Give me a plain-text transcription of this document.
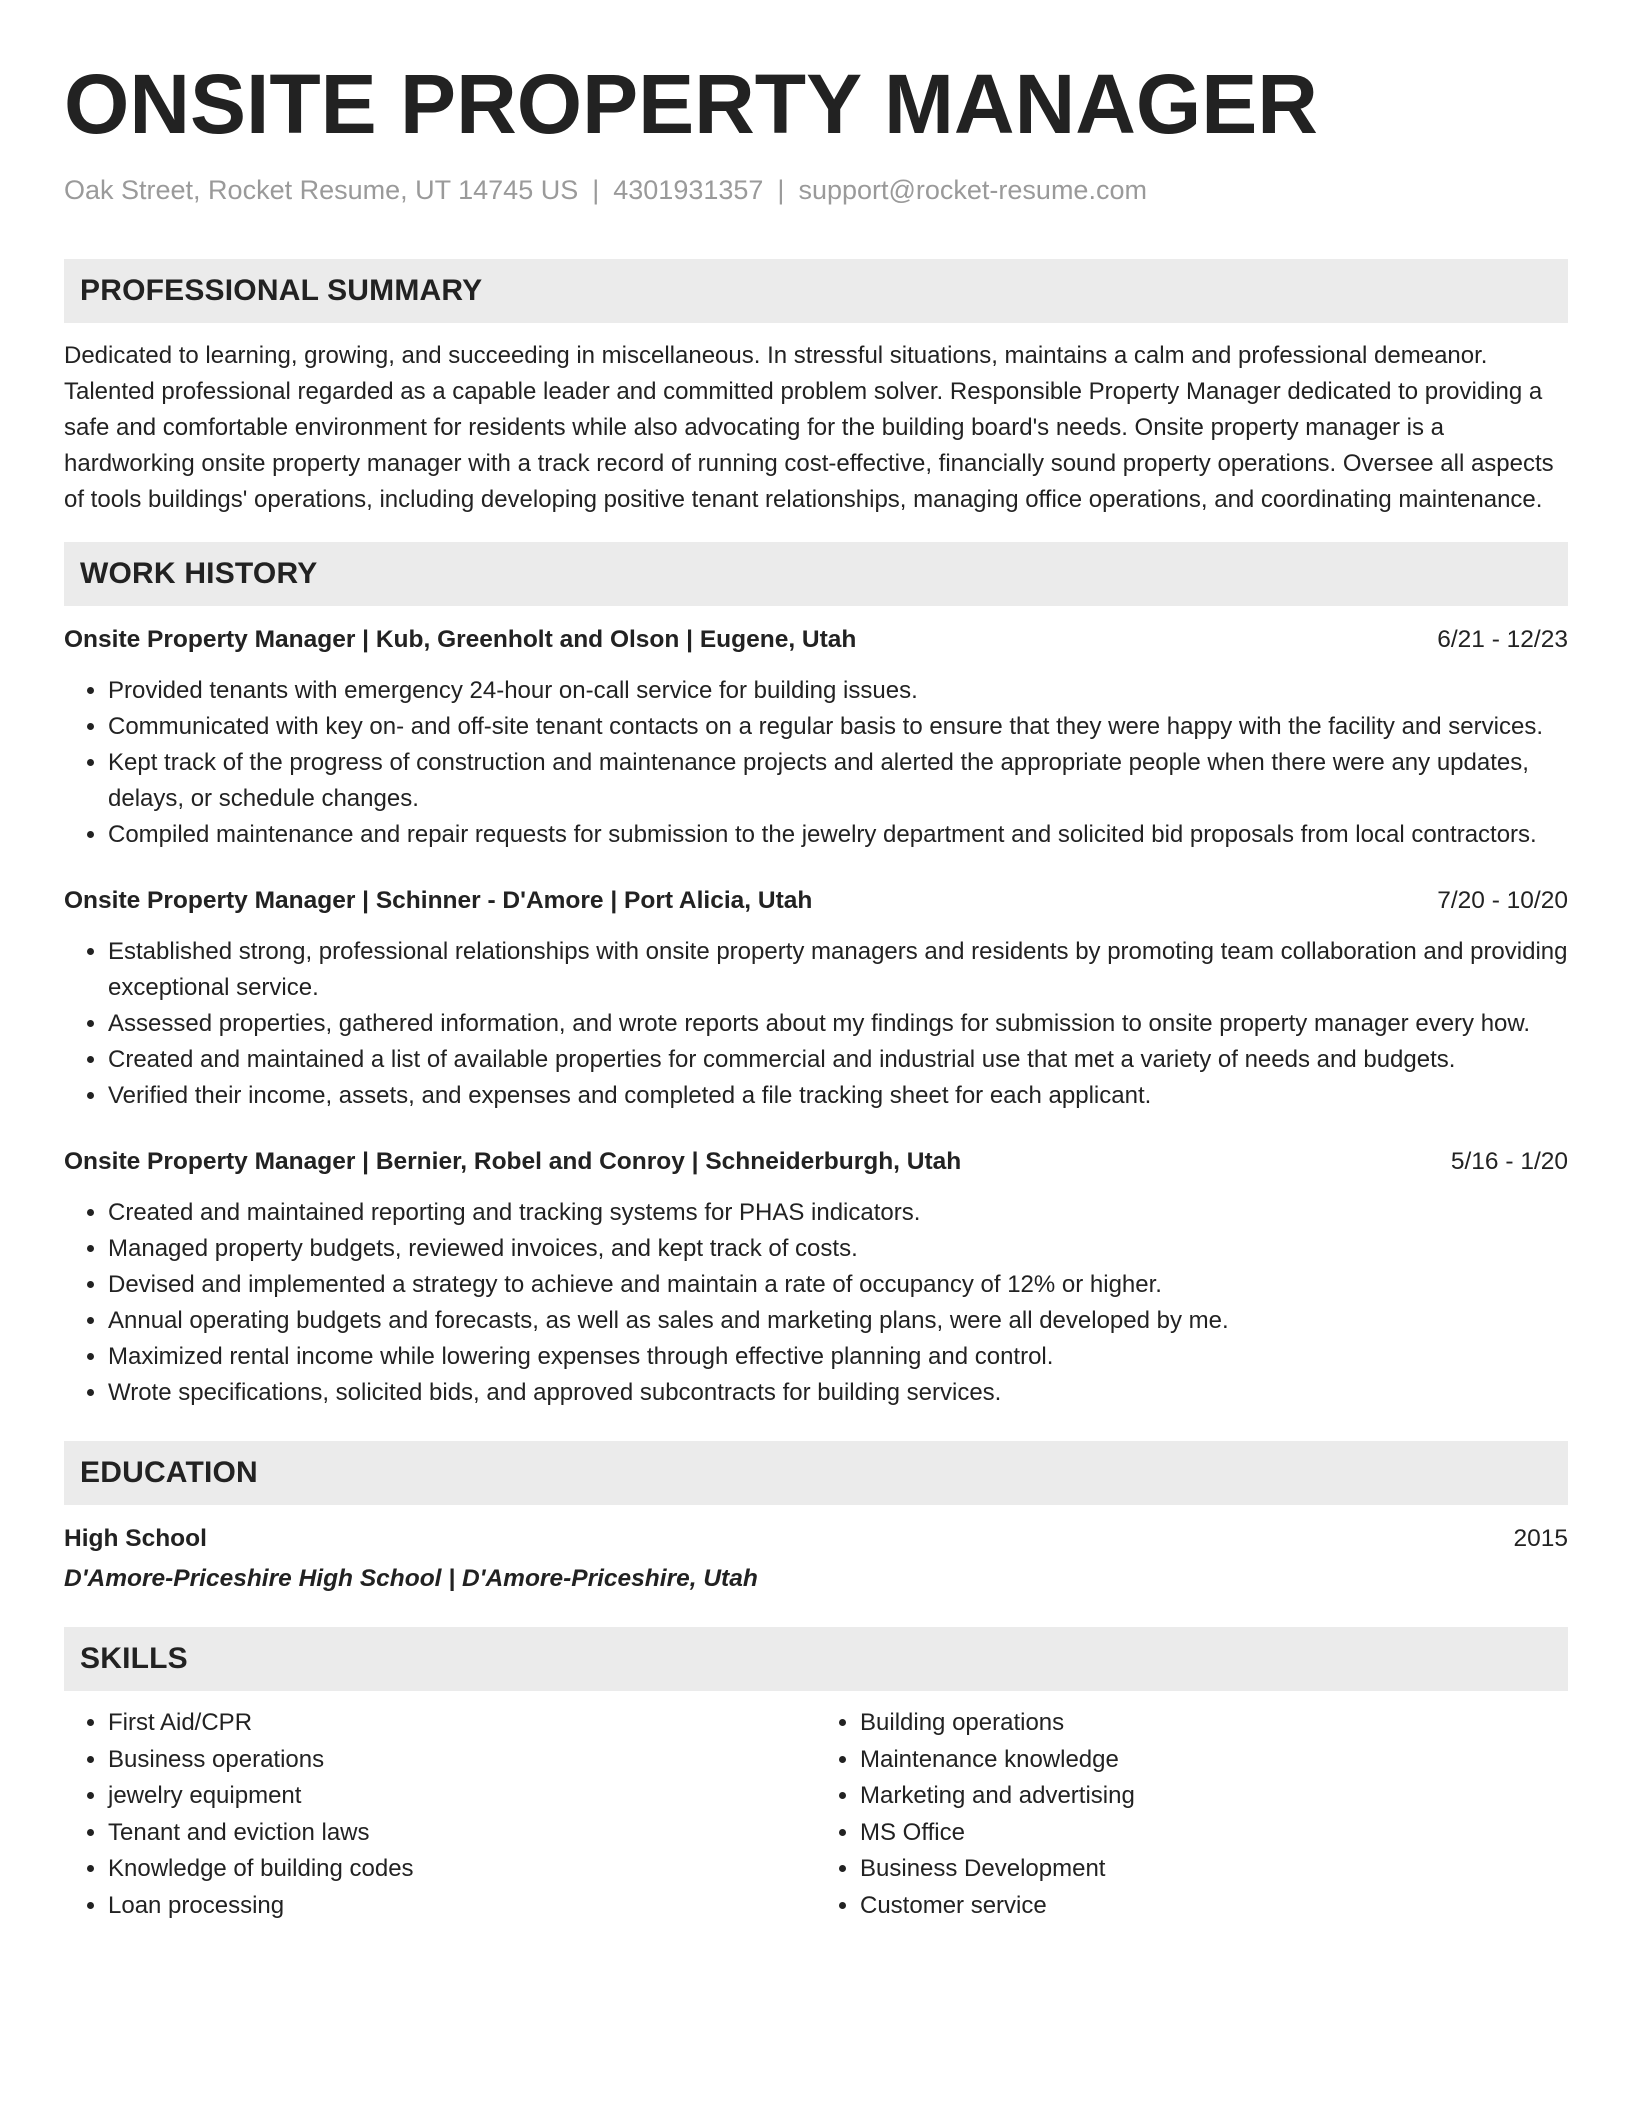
ONSITE PROPERTY MANAGER
Oak Street, Rocket Resume, UT 14745 US | 4301931357 | support@rocket-resume.com
PROFESSIONAL SUMMARY
Dedicated to learning, growing, and succeeding in miscellaneous. In stressful situations, maintains a calm and professional demeanor. Talented professional regarded as a capable leader and committed problem solver. Responsible Property Manager dedicated to providing a safe and comfortable environment for residents while also advocating for the building board's needs. Onsite property manager is a hardworking onsite property manager with a track record of running cost-effective, financially sound property operations. Oversee all aspects of tools buildings' operations, including developing positive tenant relationships, managing office operations, and coordinating maintenance.
WORK HISTORY
Onsite Property Manager | Kub, Greenholt and Olson | Eugene, Utah	6/21 - 12/23
• Provided tenants with emergency 24-hour on-call service for building issues.
• Communicated with key on- and off-site tenant contacts on a regular basis to ensure that they were happy with the facility and services.
• Kept track of the progress of construction and maintenance projects and alerted the appropriate people when there were any updates, delays, or schedule changes.
• Compiled maintenance and repair requests for submission to the jewelry department and solicited bid proposals from local contractors.
Onsite Property Manager | Schinner - D'Amore | Port Alicia, Utah	7/20 - 10/20
• Established strong, professional relationships with onsite property managers and residents by promoting team collaboration and providing exceptional service.
• Assessed properties, gathered information, and wrote reports about my findings for submission to onsite property manager every how.
• Created and maintained a list of available properties for commercial and industrial use that met a variety of needs and budgets.
• Verified their income, assets, and expenses and completed a file tracking sheet for each applicant.
Onsite Property Manager | Bernier, Robel and Conroy | Schneiderburgh, Utah	5/16 - 1/20
• Created and maintained reporting and tracking systems for PHAS indicators.
• Managed property budgets, reviewed invoices, and kept track of costs.
• Devised and implemented a strategy to achieve and maintain a rate of occupancy of 12% or higher.
• Annual operating budgets and forecasts, as well as sales and marketing plans, were all developed by me.
• Maximized rental income while lowering expenses through effective planning and control.
• Wrote specifications, solicited bids, and approved subcontracts for building services.
EDUCATION
High School	2015
D'Amore-Priceshire High School | D'Amore-Priceshire, Utah
SKILLS
• First Aid/CPR
• Business operations
• jewelry equipment
• Tenant and eviction laws
• Knowledge of building codes
• Loan processing
• Building operations
• Maintenance knowledge
• Marketing and advertising
• MS Office
• Business Development
• Customer service
